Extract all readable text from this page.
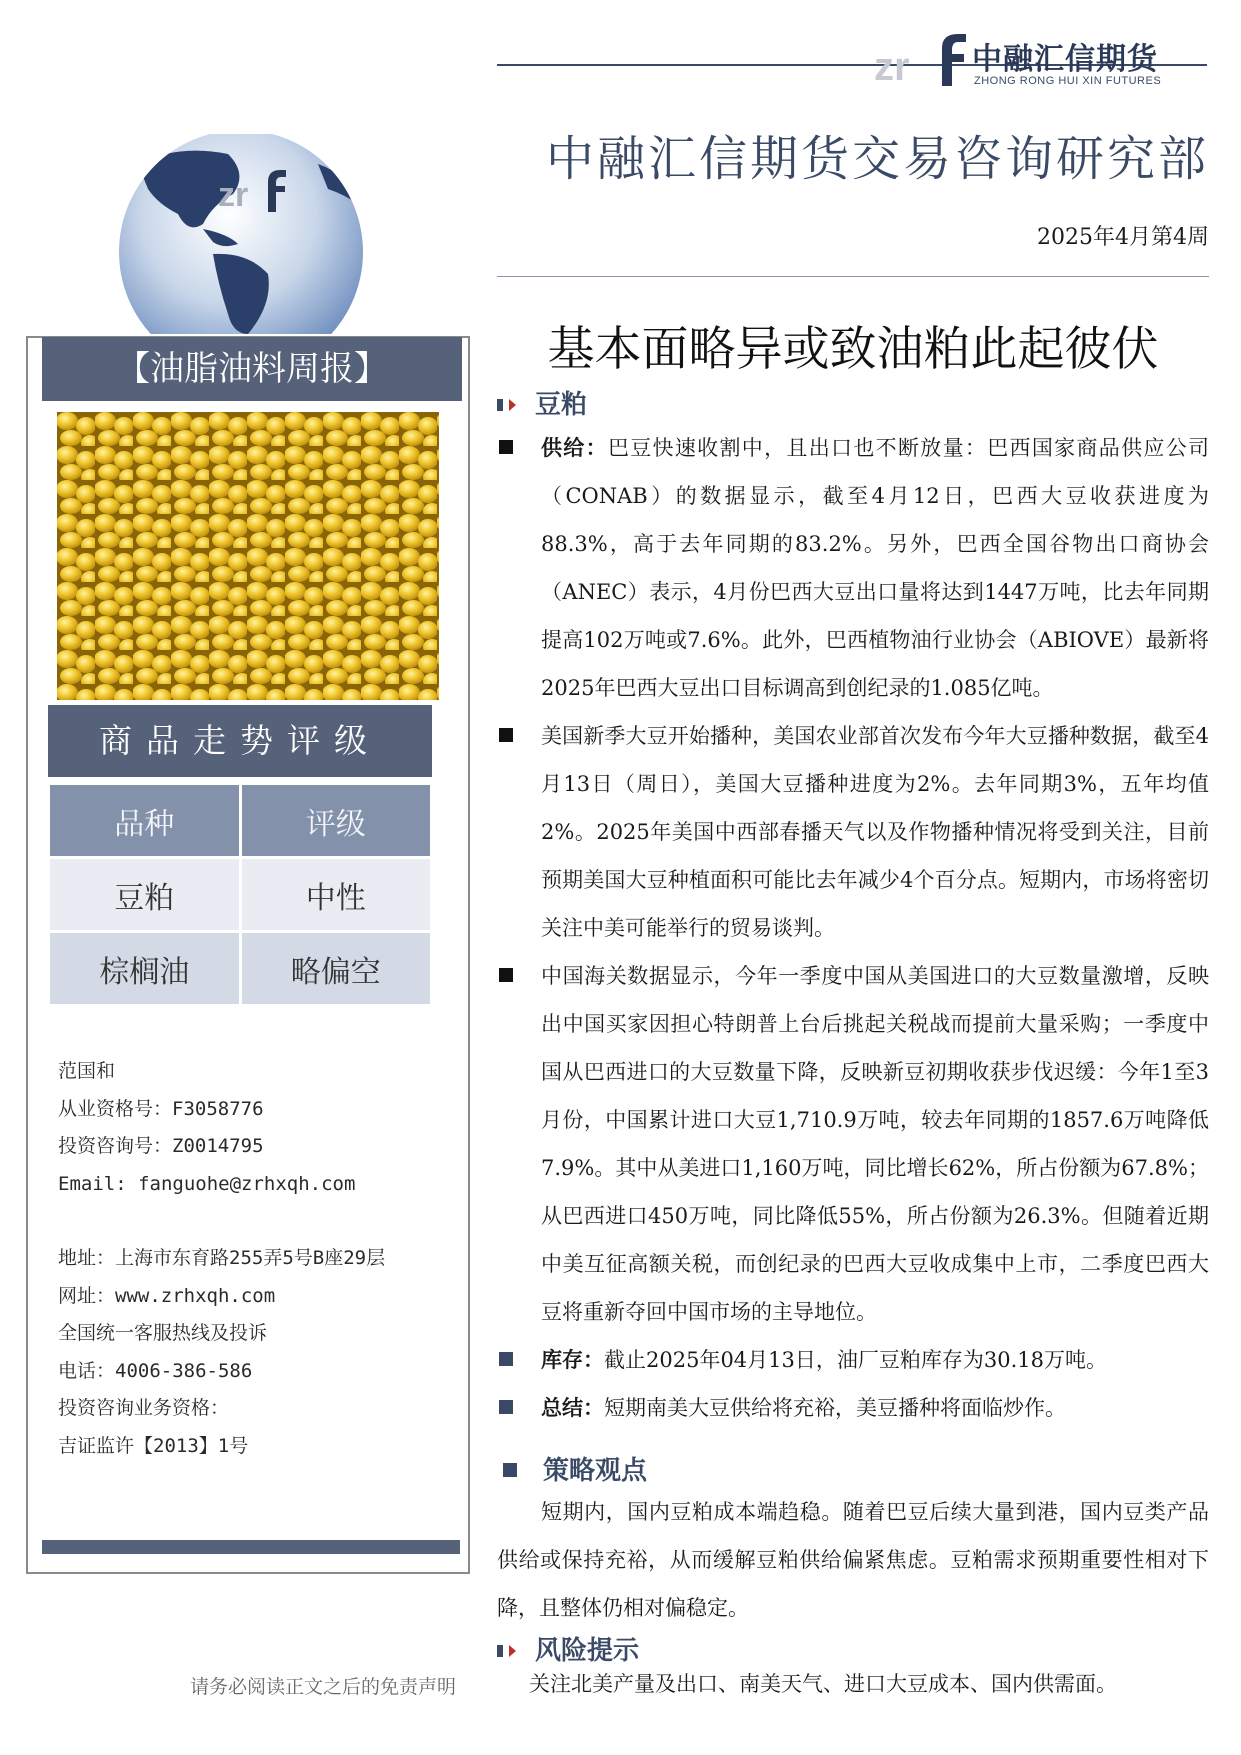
zr 中融汇信期货
ZHONG RONG HUI XIN FUTURES
中融汇信期货交易咨询研究部
2025年4月第4周
zr
【油脂油料周报】
商品走势评级
品种	评级
豆粕	中性
棕榈油	略偏空
范国和
从业资格号：F3058776
投资咨询号：Z0014795
Email: fanguohe@zrhxqh.com
地址：上海市东育路255弄5号B座29层
网址：www.zrhxqh.com
全国统一客服热线及投诉
电话：4006-386-586
投资咨询业务资格：
吉证监许【2013】1号
基本面略异或致油粕此起彼伏
豆粕
供给：巴豆快速收割中，且出口也不断放量：巴西国家商品供应公司（CONAB）的数据显示，截至4月12日，巴西大豆收获进度为88.3%，高于去年同期的83.2%。另外，巴西全国谷物出口商协会（ANEC）表示，4月份巴西大豆出口量将达到1447万吨，比去年同期提高102万吨或7.6%。此外，巴西植物油行业协会（ABIOVE）最新将2025年巴西大豆出口目标调高到创纪录的1.085亿吨。
美国新季大豆开始播种，美国农业部首次发布今年大豆播种数据，截至4月13日（周日），美国大豆播种进度为2%。去年同期3%，五年均值2%。2025年美国中西部春播天气以及作物播种情况将受到关注，目前预期美国大豆种植面积可能比去年减少4个百分点。短期内，市场将密切关注中美可能举行的贸易谈判。
中国海关数据显示，今年一季度中国从美国进口的大豆数量激增，反映出中国买家因担心特朗普上台后挑起关税战而提前大量采购；一季度中国从巴西进口的大豆数量下降，反映新豆初期收获步伐迟缓：今年1至3月份，中国累计进口大豆1,710.9万吨，较去年同期的1857.6万吨降低7.9%。其中从美进口1,160万吨，同比增长62%，所占份额为67.8%；从巴西进口450万吨，同比降低55%，所占份额为26.3%。但随着近期中美互征高额关税，而创纪录的巴西大豆收成集中上市，二季度巴西大豆将重新夺回中国市场的主导地位。
库存：截止2025年04月13日，油厂豆粕库存为30.18万吨。
总结：短期南美大豆供给将充裕，美豆播种将面临炒作。
策略观点
短期内，国内豆粕成本端趋稳。随着巴豆后续大量到港，国内豆类产品供给或保持充裕，从而缓解豆粕供给偏紧焦虑。豆粕需求预期重要性相对下降，且整体仍相对偏稳定。
风险提示
关注北美产量及出口、南美天气、进口大豆成本、国内供需面。
请务必阅读正文之后的免责声明
